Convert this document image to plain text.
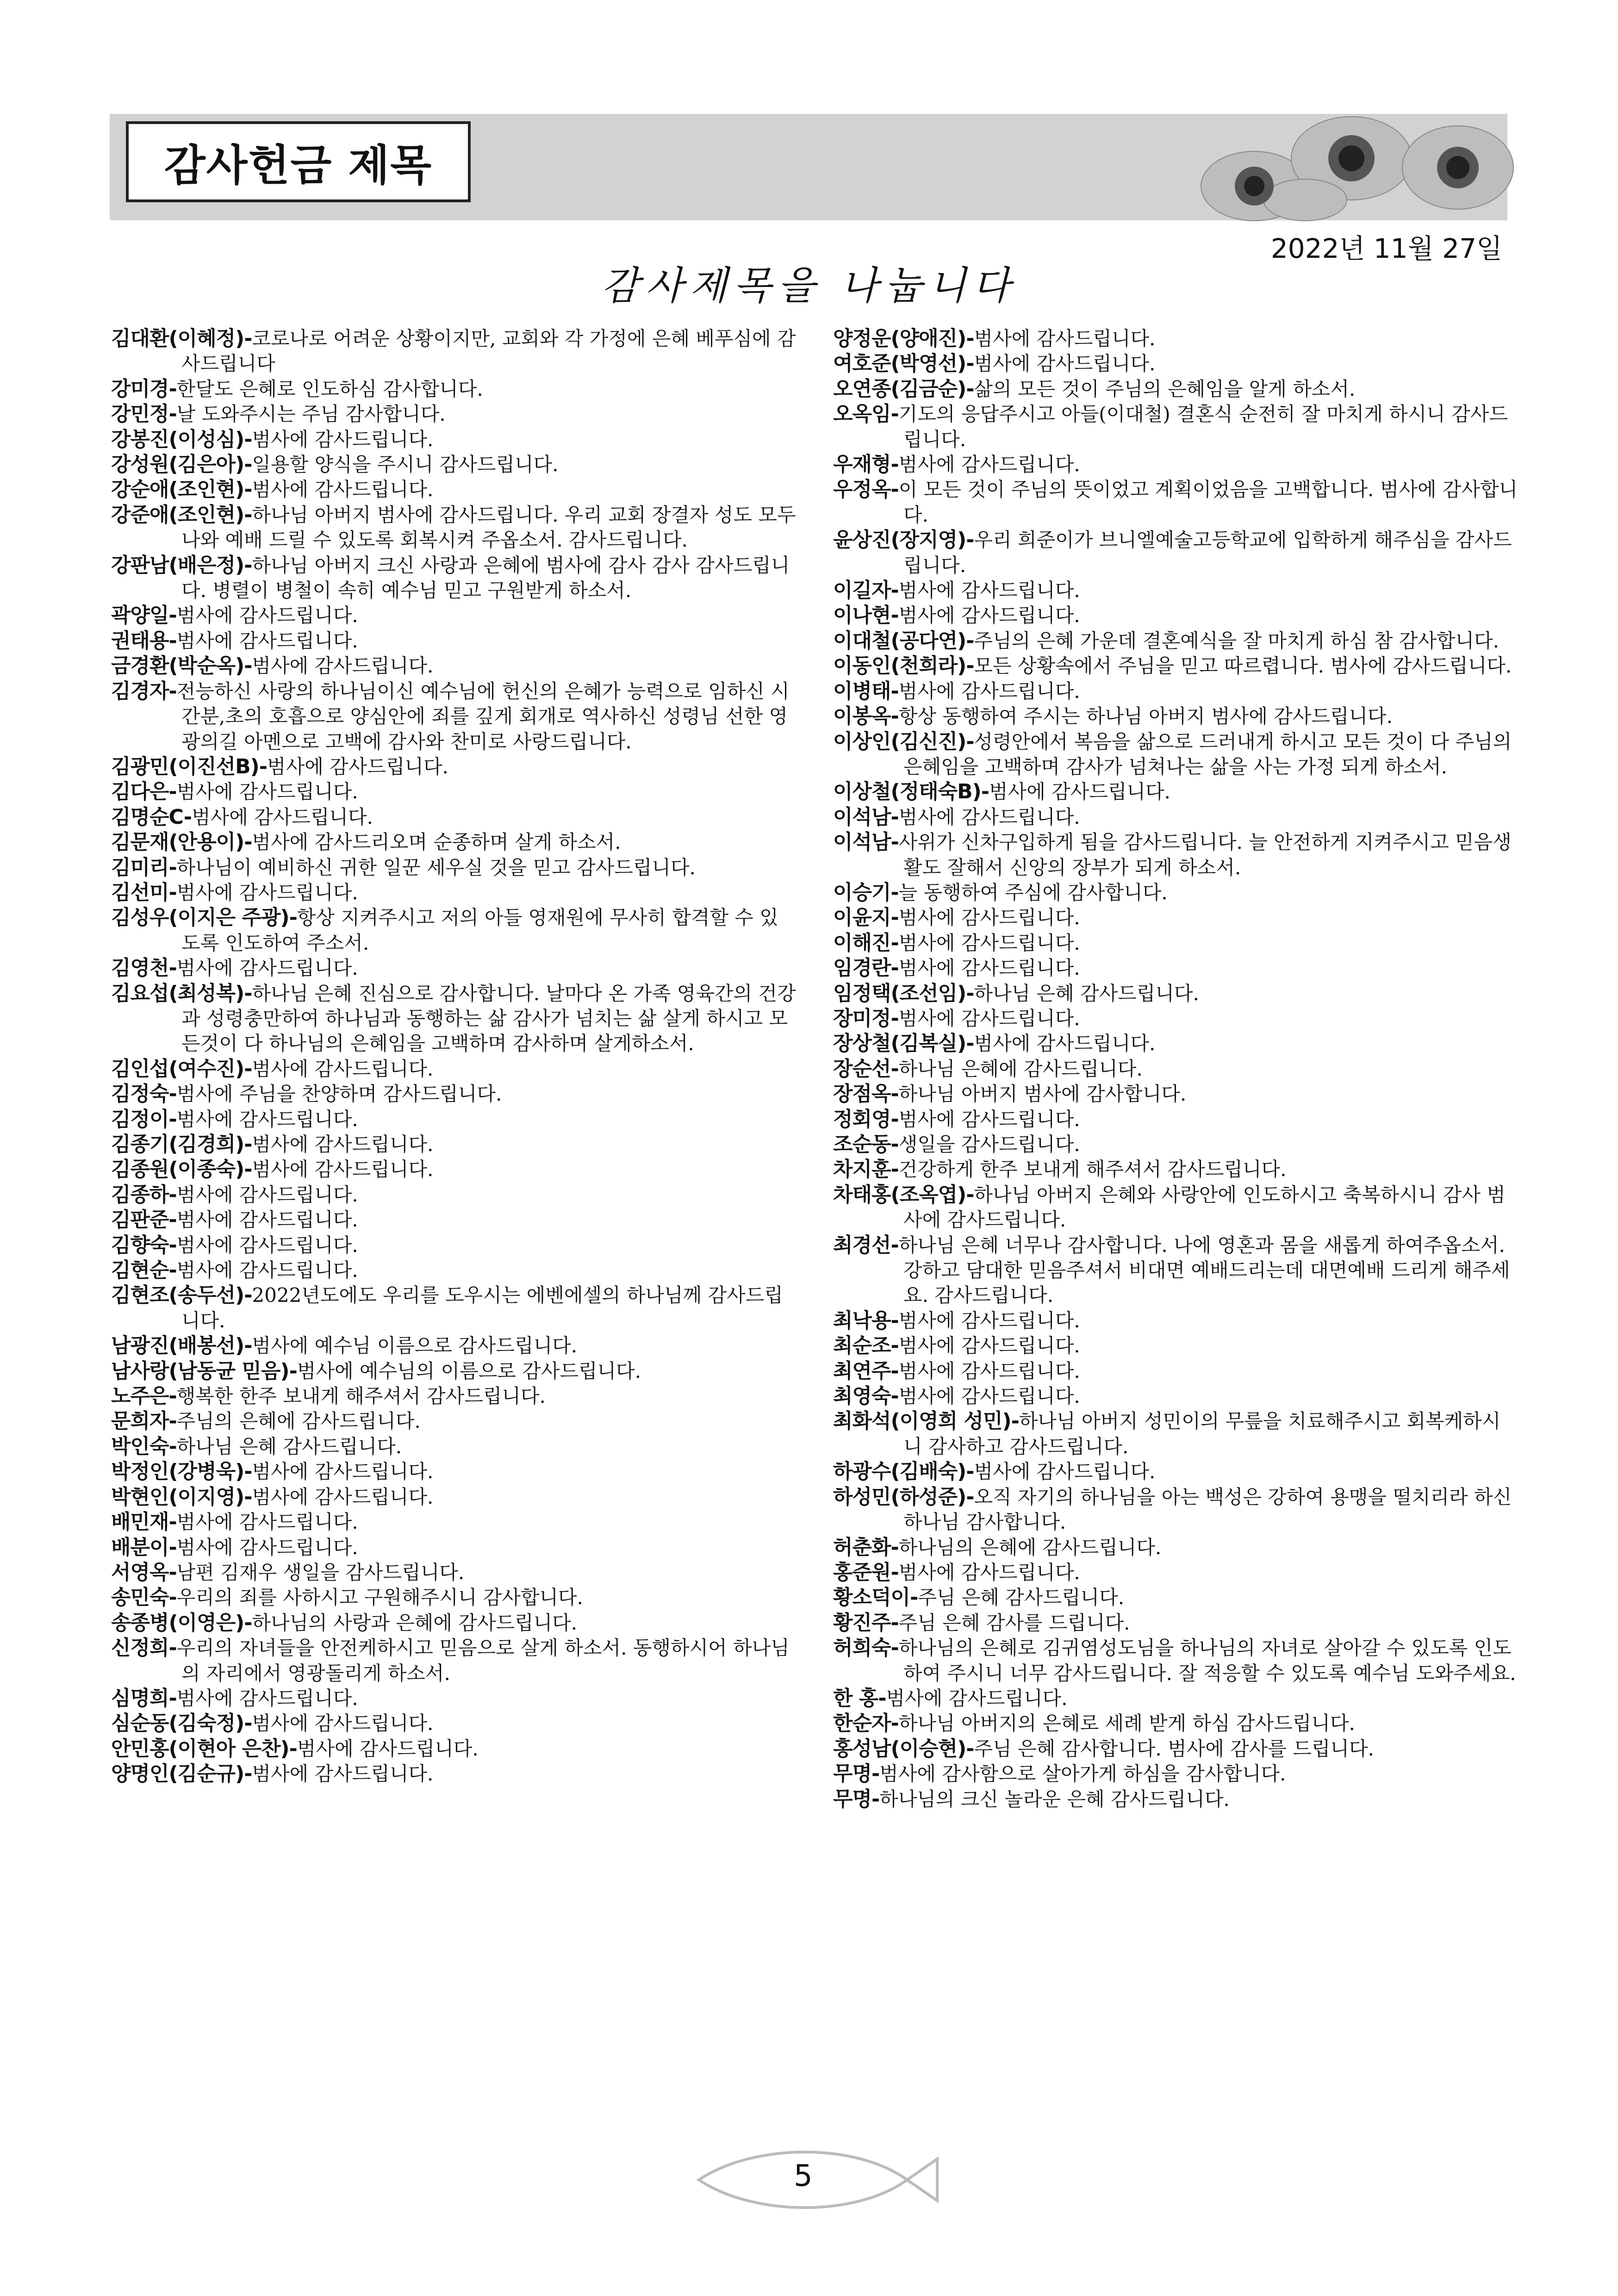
감사헌금 제목
2022년 11월 27일
감사제목을 나눕니다

김대환(이혜정)-코로나로 어려운 상황이지만, 교회와 각 가정에 은혜 베푸심에 감사드립니다

강미경-한달도 은혜로 인도하심 감사합니다.

강민정-날 도와주시는 주님 감사합니다.

강봉진(이성심)-범사에 감사드립니다.

강성원(김은아)-일용할 양식을 주시니 감사드립니다.

강순애(조인현)-범사에 감사드립니다.

강준애(조인현)-하나님 아버지 범사에 감사드립니다. 우리 교회 장결자 성도 모두 나와 예배 드릴 수 있도록 회복시켜 주옵소서. 감사드립니다.

강판남(배은정)-하나님 아버지 크신 사랑과 은혜에 범사에 감사 감사 감사드립니다. 병렬이 병철이 속히 예수님 믿고 구원받게 하소서.

곽양일-범사에 감사드립니다.

권태용-범사에 감사드립니다.

금경환(박순옥)-범사에 감사드립니다.

김경자-전능하신 사랑의 하나님이신 예수님에 헌신의 은혜가 능력으로 임하신 시간분,초의 호흡으로 양심안에 죄를 깊게 회개로 역사하신 성령님 선한 영광의길 아멘으로 고백에 감사와 찬미로 사랑드립니다.

김광민(이진선B)-범사에 감사드립니다.

김다은-범사에 감사드립니다.

김명순C-범사에 감사드립니다.

김문재(안용이)-범사에 감사드리오며 순종하며 살게 하소서.

김미리-하나님이 예비하신 귀한 일꾼 세우실 것을 믿고 감사드립니다.

김선미-범사에 감사드립니다.

김성우(이지은 주광)-항상 지켜주시고 저의 아들 영재원에 무사히 합격할 수 있도록 인도하여 주소서.

김영천-범사에 감사드립니다.

김요섭(최성복)-하나님 은혜 진심으로 감사합니다. 날마다 온 가족 영육간의 건강과 성령충만하여 하나님과 동행하는 삶 감사가 넘치는 삶 살게 하시고 모든것이 다 하나님의 은혜임을 고백하며 감사하며 살게하소서.

김인섭(여수진)-범사에 감사드립니다.

김정숙-범사에 주님을 찬양하며 감사드립니다.

김정이-범사에 감사드립니다.

김종기(김경희)-범사에 감사드립니다.

김종원(이종숙)-범사에 감사드립니다.

김종하-범사에 감사드립니다.

김판준-범사에 감사드립니다.

김향숙-범사에 감사드립니다.

김현순-범사에 감사드립니다.

김현조(송두선)-2022년도에도 우리를 도우시는 에벤에셀의 하나님께 감사드립니다.

남광진(배봉선)-범사에 예수님 이름으로 감사드립니다.

남사랑(남동균 믿음)-범사에 예수님의 이름으로 감사드립니다.

노주은-행복한 한주 보내게 해주셔서 감사드립니다.

문희자-주님의 은혜에 감사드립니다.

박인숙-하나님 은혜 감사드립니다.

박정인(강병욱)-범사에 감사드립니다.

박현인(이지영)-범사에 감사드립니다.

배민재-범사에 감사드립니다.

배분이-범사에 감사드립니다.

서영옥-남편 김재우 생일을 감사드립니다.

송민숙-우리의 죄를 사하시고 구원해주시니 감사합니다.

송종병(이영은)-하나님의 사랑과 은혜에 감사드립니다.

신정희-우리의 자녀들을 안전케하시고 믿음으로 살게 하소서. 동행하시어 하나님의 자리에서 영광돌리게 하소서.

심명희-범사에 감사드립니다.

심순동(김숙정)-범사에 감사드립니다.

안민홍(이현아 은찬)-범사에 감사드립니다.

양명인(김순규)-범사에 감사드립니다.

양정운(양애진)-범사에 감사드립니다.

여호준(박영선)-범사에 감사드립니다.

오연종(김금순)-삶의 모든 것이 주님의 은혜임을 알게 하소서.

오옥임-기도의 응답주시고 아들(이대철) 결혼식 순전히 잘 마치게 하시니 감사드립니다.

우재형-범사에 감사드립니다.

우정옥-이 모든 것이 주님의 뜻이었고 계획이었음을 고백합니다. 범사에 감사합니다.

윤상진(장지영)-우리 희준이가 브니엘예술고등학교에 입학하게 해주심을 감사드립니다.

이길자-범사에 감사드립니다.

이나현-범사에 감사드립니다.

이대철(공다연)-주님의 은혜 가운데 결혼예식을 잘 마치게 하심 참 감사합니다.

이동인(천희라)-모든 상황속에서 주님을 믿고 따르렵니다. 범사에 감사드립니다.

이병태-범사에 감사드립니다.

이봉옥-항상 동행하여 주시는 하나님 아버지 범사에 감사드립니다.

이상인(김신진)-성령안에서 복음을 삶으로 드러내게 하시고 모든 것이 다 주님의 은혜임을 고백하며 감사가 넘쳐나는 삶을 사는 가정 되게 하소서.

이상철(정태숙B)-범사에 감사드립니다.

이석남-범사에 감사드립니다.

이석남-사위가 신차구입하게 됨을 감사드립니다. 늘 안전하게 지켜주시고 믿음생활도 잘해서 신앙의 장부가 되게 하소서.

이승기-늘 동행하여 주심에 감사합니다.

이윤지-범사에 감사드립니다.

이해진-범사에 감사드립니다.

임경란-범사에 감사드립니다.

임정택(조선임)-하나님 은혜 감사드립니다.

장미정-범사에 감사드립니다.

장상철(김복실)-범사에 감사드립니다.

장순선-하나님 은혜에 감사드립니다.

장점옥-하나님 아버지 범사에 감사합니다.

정회영-범사에 감사드립니다.

조순동-생일을 감사드립니다.

차지훈-건강하게 한주 보내게 해주셔서 감사드립니다.

차태홍(조옥엽)-하나님 아버지 은혜와 사랑안에 인도하시고 축복하시니 감사 범사에 감사드립니다.

최경선-하나님 은혜 너무나 감사합니다. 나에 영혼과 몸을 새롭게 하여주옵소서. 강하고 담대한 믿음주셔서 비대면 예배드리는데 대면예배 드리게 해주세요. 감사드립니다.

최낙용-범사에 감사드립니다.

최순조-범사에 감사드립니다.

최연주-범사에 감사드립니다.

최영숙-범사에 감사드립니다.

최화석(이영희 성민)-하나님 아버지 성민이의 무릎을 치료해주시고 회복케하시니 감사하고 감사드립니다.

하광수(김배숙)-범사에 감사드립니다.

하성민(하성준)-오직 자기의 하나님을 아는 백성은 강하여 용맹을 떨치리라 하신 하나님 감사합니다.

허춘화-하나님의 은혜에 감사드립니다.

홍준원-범사에 감사드립니다.

황소덕이-주님 은혜 감사드립니다.

황진주-주님 은혜 감사를 드립니다.

허희숙-하나님의 은혜로 김귀염성도님을 하나님의 자녀로 살아갈 수 있도록 인도하여 주시니 너무 감사드립니다. 잘 적응할 수 있도록 예수님 도와주세요.

한 홍-범사에 감사드립니다.

한순자-하나님 아버지의 은혜로 세례 받게 하심 감사드립니다.

홍성남(이승현)-주님 은혜 감사합니다. 범사에 감사를 드립니다.

무명-범사에 감사함으로 살아가게 하심을 감사합니다.

무명-하나님의 크신 놀라운 은혜 감사드립니다.

5
